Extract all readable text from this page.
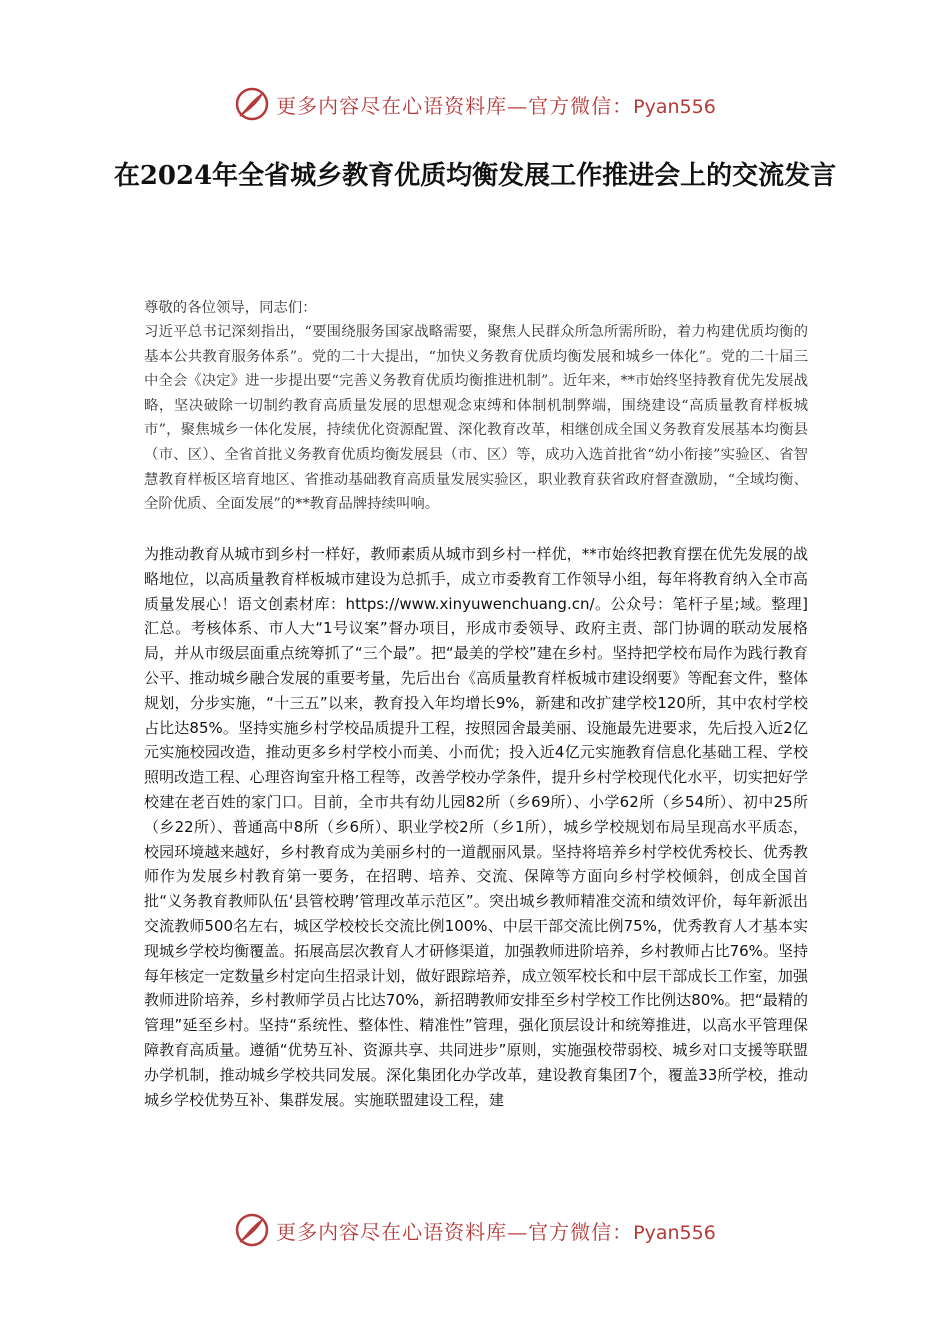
更多内容尽在心语资料库—官方微信：Pyan556
在2024年全省城乡教育优质均衡发展工作推进会上的交流发言
尊敬的各位领导，同志们：
习近平总书记深刻指出，“要围绕服务国家战略需要，聚焦人民群众所急所需所盼，着力构建优质均衡的基本公共教育服务体系”。党的二十大提出，“加快义务教育优质均衡发展和城乡一体化”。党的二十届三中全会《决定》进一步提出要“完善义务教育优质均衡推进机制”。近年来，**市始终坚持教育优先发展战略，坚决破除一切制约教育高质量发展的思想观念束缚和体制机制弊端，围绕建设“高质量教育样板城市”，聚焦城乡一体化发展，持续优化资源配置、深化教育改革，相继创成全国义务教育发展基本均衡县（市、区）、全省首批义务教育优质均衡发展县（市、区）等，成功入选首批省“幼小衔接”实验区、省智慧教育样板区培育地区、省推动基础教育高质量发展实验区，职业教育获省政府督查激励，“全域均衡、全阶优质、全面发展”的**教育品牌持续叫响。
为推动教育从城市到乡村一样好，教师素质从城市到乡村一样优，**市始终把教育摆在优先发展的战略地位，以高质量教育样板城市建设为总抓手，成立市委教育工作领导小组，每年将教育纳入全市高质量发展心！语文创素材库：https://www.xinyuwenchuang.cn/。公众号：笔杆子星;域。整理]汇总。考核体系、市人大“1号议案”督办项目，形成市委领导、政府主责、部门协调的联动发展格局，并从市级层面重点统筹抓了“三个最”。把“最美的学校”建在乡村。坚持把学校布局作为践行教育公平、推动城乡融合发展的重要考量，先后出台《高质量教育样板城市建设纲要》等配套文件，整体规划，分步实施，“十三五”以来，教育投入年均增长9%，新建和改扩建学校120所，其中农村学校占比达85%。坚持实施乡村学校品质提升工程，按照园舍最美丽、设施最先进要求，先后投入近2亿元实施校园改造，推动更多乡村学校小而美、小而优；投入近4亿元实施教育信息化基础工程、学校照明改造工程、心理咨询室升格工程等，改善学校办学条件，提升乡村学校现代化水平，切实把好学校建在老百姓的家门口。目前，全市共有幼儿园82所（乡69所）、小学62所（乡54所）、初中25所（乡22所）、普通高中8所（乡6所）、职业学校2所（乡1所），城乡学校规划布局呈现高水平质态，校园环境越来越好，乡村教育成为美丽乡村的一道靓丽风景。坚持将培养乡村学校优秀校长、优秀教师作为发展乡村教育第一要务，在招聘、培养、交流、保障等方面向乡村学校倾斜，创成全国首批“义务教育教师队伍‘县管校聘’管理改革示范区”。突出城乡教师精准交流和绩效评价，每年新派出交流教师500名左右，城区学校校长交流比例100%、中层干部交流比例75%，优秀教育人才基本实现城乡学校均衡覆盖。拓展高层次教育人才研修渠道，加强教师进阶培养，乡村教师占比76%。坚持每年核定一定数量乡村定向生招录计划，做好跟踪培养，成立领军校长和中层干部成长工作室，加强教师进阶培养，乡村教师学员占比达70%，新招聘教师安排至乡村学校工作比例达80%。把“最精的管理”延至乡村。坚持“系统性、整体性、精准性”管理，强化顶层设计和统筹推进，以高水平管理保障教育高质量。遵循“优势互补、资源共享、共同进步”原则，实施强校带弱校、城乡对口支援等联盟办学机制，推动城乡学校共同发展。深化集团化办学改革，建设教育集团7个，覆盖33所学校，推动城乡学校优势互补、集群发展。实施联盟建设工程，建
更多内容尽在心语资料库—官方微信：Pyan556
